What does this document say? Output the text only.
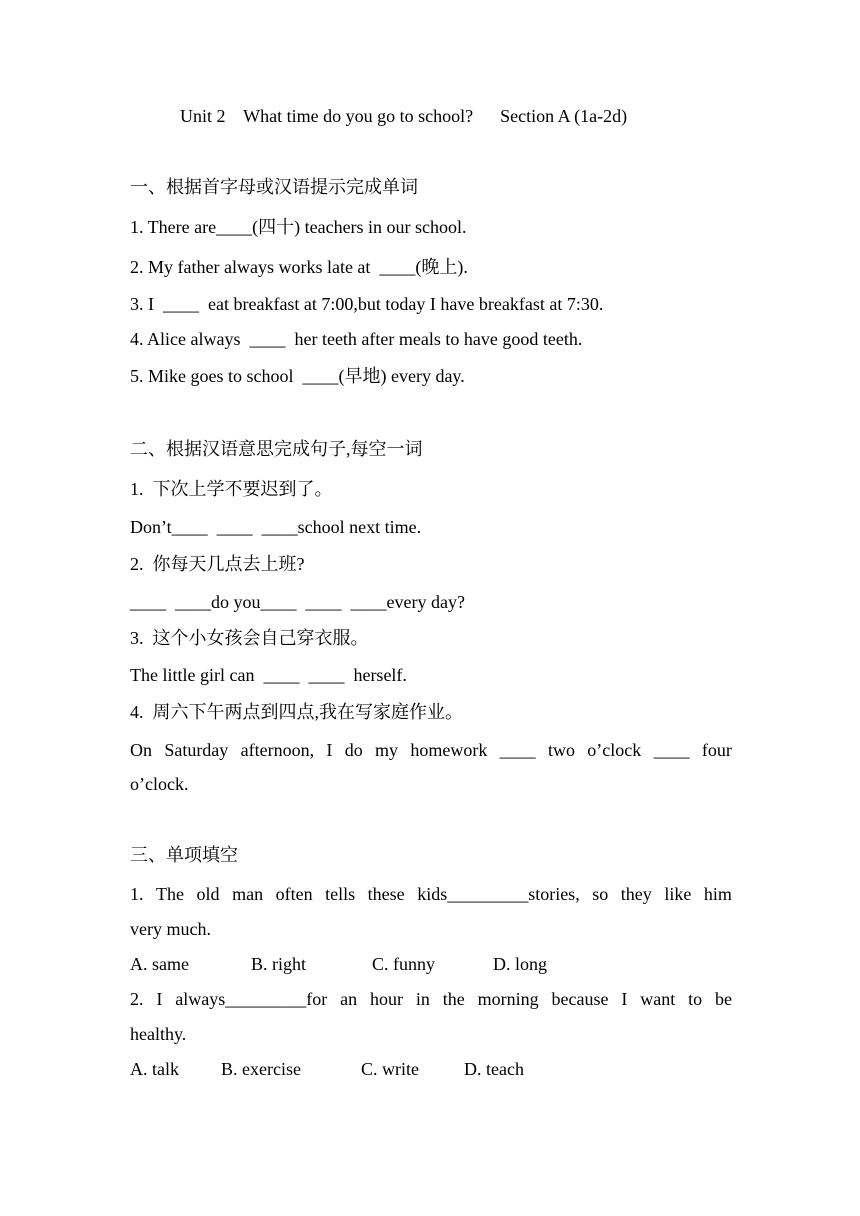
Unit 2    What time do you go to school?      Section A (1a-2d)
一、根据首字母或汉语提示完成单词
1. There are____(四十) teachers in our school.
2. My father always works late at  ____(晚上).
3. I  ____  eat breakfast at 7:00,but today I have breakfast at 7:30.
4. Alice always  ____  her teeth after meals to have good teeth.
5. Mike goes to school  ____(早地) every day.
二、根据汉语意思完成句子,每空一词
1.  下次上学不要迟到了。
Don’t____  ____  ____school next time.
2.  你每天几点去上班?
____  ____do you____  ____  ____every day?
3.  这个小女孩会自己穿衣服。
The little girl can  ____  ____  herself.
4.  周六下午两点到四点,我在写家庭作业。
On Saturday afternoon, I do my homework ____ two o’clock ____ four
o’clock.
三、单项填空
1. The old man often tells these kids_________stories, so they like him
very much.
A. same	B. right	C. funny	D. long
2. I always_________for an hour in the morning because I want to be
healthy.
A. talk	B. exercise	C. write	D. teach
